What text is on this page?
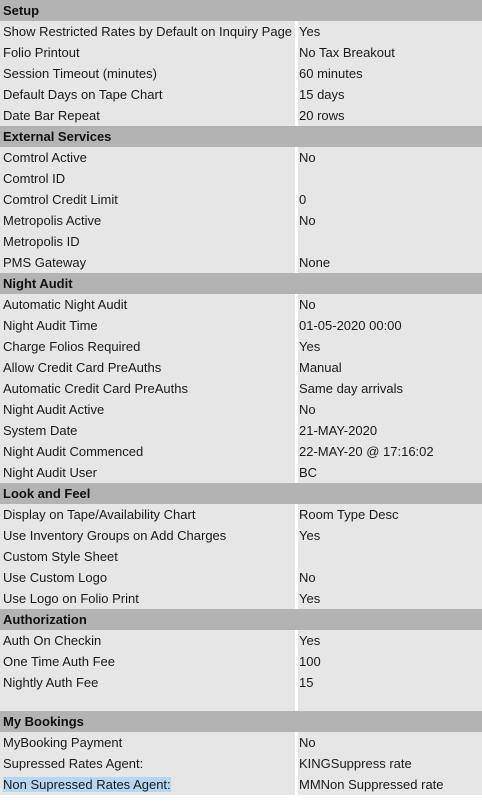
Setup
Show Restricted Rates by Default on Inquiry Page Yes
Folio Printout	No Tax Breakout
Session Timeout (minutes)	60 minutes
Default Days on Tape Chart	15 days
Date Bar Repeat	20 rows
External Services
Comtrol Active	No
Comtrol ID
Comtrol Credit Limit	0
Metropolis Active	No
Metropolis ID
PMS Gateway	None
Night Audit
Automatic Night Audit	No
Night Audit Time	01-05-2020 00:00
Charge Folios Required	Yes
Allow Credit Card PreAuths	Manual
Automatic Credit Card PreAuths	Same day arrivals
Night Audit Active	No
System Date	21-MAY-2020
Night Audit Commenced	22-MAY-20 @ 17:16:02
Night Audit User	BC
Look and Feel
Display on Tape/Availability Chart	Room Type Desc
Use Inventory Groups on Add Charges	Yes
Custom Style Sheet
Use Custom Logo	No
Use Logo on Folio Print	Yes
Authorization
Auth On Checkin	Yes
One Time Auth Fee	100
Nightly Auth Fee	15
My Bookings
MyBooking Payment	No
Supressed Rates Agent:	KINGSuppress rate
Non Supressed Rates Agent:	MMNon Suppressed rate
